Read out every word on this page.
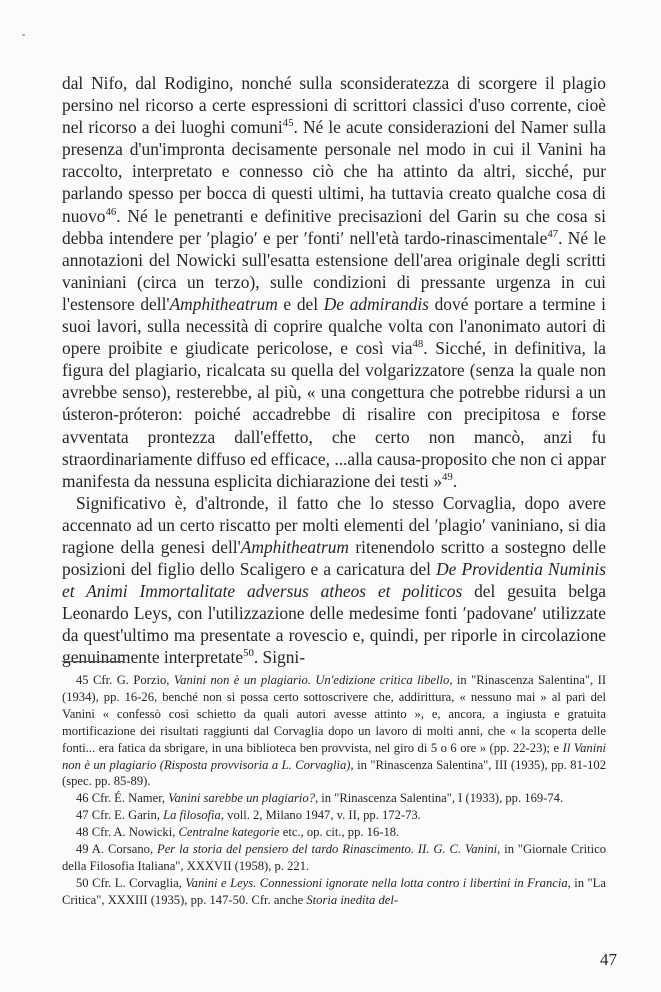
dal Nifo, dal Rodigino, nonché sulla sconsideratezza di scorgere il plagio persino nel ricorso a certe espressioni di scrittori classici d'uso corrente, cioè nel ricorso a dei luoghi comuni$^{45}$. Né le acute considerazioni del Namer sulla presenza d'un'impronta decisamente personale nel modo in cui il Vanini ha raccolto, interpretato e connesso ciò che ha attinto da altri, sicché, pur parlando spesso per bocca di questi ultimi, ha tuttavia creato qualche cosa di nuovo$^{46}$. Né le penetranti e definitive precisazioni del Garin su che cosa si debba intendere per ʹplagioʹ e per ʹfontiʹ nell'età tardo-rinascimentale$^{47}$. Né le annotazioni del Nowicki sull'esatta estensione dell'area originale degli scritti vaniniani (circa un terzo), sulle condizioni di pressante urgenza in cui l'estensore dell'Amphitheatrum e del De admirandis dové portare a termine i suoi lavori, sulla necessità di coprire qualche volta con l'anonimato autori di opere proibite e giudicate pericolose, e così via$^{48}$. Sicché, in definitiva, la figura del plagiario, ricalcata su quella del volgarizzatore (senza la quale non avrebbe senso), resterebbe, al più, « una congettura che potrebbe ridursi a un ústeron-próteron: poiché accadrebbe di risalire con precipitosa e forse avventata prontezza dall'effetto, che certo non mancò, anzi fu straordinariamente diffuso ed efficace, ...alla causa-proposito che non ci appar manifesta da nessuna esplicita dichiarazione dei testi »$^{49}$.

Significativo è, d'altronde, il fatto che lo stesso Corvaglia, dopo avere accennato ad un certo riscatto per molti elementi del ʹplagioʹ vaniniano, si dia ragione della genesi dell'Amphitheatrum ritenendolo scritto a sostegno delle posizioni del figlio dello Scaligero e a caricatura del De Providentia Numinis et Animi Immortalitate adversus atheos et politicos del gesuita belga Leonardo Leys, con l'utilizzazione delle medesime fonti ʹpadovaneʹ utilizzate da quest'ultimo ma presentate a rovescio e, quindi, per riporle in circolazione genuinamente interpretate$^{50}$. Signi-

45 Cfr. G. Porzio, Vanini non è un plagiario. Un'edizione critica libello, in "Rinascenza Salentina", II (1934), pp. 16-26, benché non si possa certo sottoscrivere che, addirittura, « nessuno mai » al pari del Vanini « confessò così schietto da quali autori avesse attinto », e, ancora, a ingiusta e gratuita mortificazione dei risultati raggiunti dal Corvaglia dopo un lavoro di molti anni, che « la scoperta delle fonti... era fatica da sbrigare, in una biblioteca ben provvista, nel giro di 5 o 6 ore » (pp. 22-23); e Il Vanini non è un plagiario (Risposta provvisoria a L. Corvaglia), in "Rinascenza Salentina", III (1935), pp. 81-102 (spec. pp. 85-89).

46 Cfr. É. Namer, Vanini sarebbe un plagiario?, in "Rinascenza Salentina", I (1933), pp. 169-74.

47 Cfr. E. Garin, La filosofia, voll. 2, Milano 1947, v. II, pp. 172-73.

48 Cfr. A. Nowicki, Centralne kategorie etc., op. cit., pp. 16-18.

49 A. Corsano, Per la storia del pensiero del tardo Rinascimento. II. G. C. Vanini, in "Giornale Critico della Filosofia Italiana", XXXVII (1958), p. 221.

50 Cfr. L. Corvaglia, Vanini e Leys. Connessioni ignorate nella lotta contro i libertini in Francia, in "La Critica", XXXIII (1935), pp. 147-50. Cfr. anche Storia inedita del-

47
